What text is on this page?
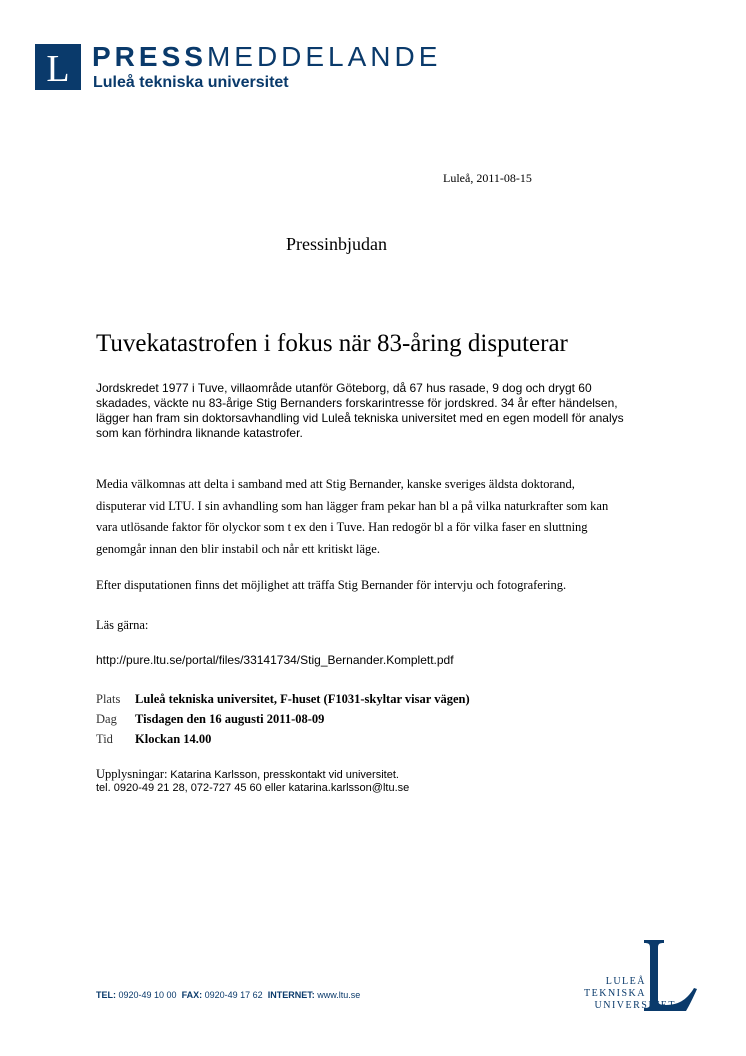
L PRESSMEDDELANDE
Luleå tekniska universitet
Luleå, 2011-08-15
Pressinbjudan
Tuvekatastrofen i fokus när 83-åring disputerar
Jordskredet 1977 i Tuve, villaområde utanför Göteborg, då 67 hus rasade, 9 dog och drygt 60
skadades, väckte nu 83-årige Stig Bernanders forskarintresse för jordskred. 34 år efter händelsen,
lägger han fram sin doktorsavhandling vid Luleå tekniska universitet med en egen modell för analys
som kan förhindra liknande katastrofer.
Media välkomnas att delta i samband med att Stig Bernander, kanske sveriges äldsta doktorand,
disputerar vid LTU. I sin avhandling som han lägger fram pekar han bl a på vilka naturkrafter som kan
vara utlösande faktor för olyckor som t ex den i Tuve. Han redogör bl a för vilka faser en sluttning
genomgår innan den blir instabil och når ett kritiskt läge.
Efter disputationen finns det möjlighet att träffa Stig Bernander för intervju och fotografering.
Läs gärna:
http://pure.ltu.se/portal/files/33141734/Stig_Bernander.Komplett.pdf
Plats	Luleå tekniska universitet, F-huset (F1031-skyltar visar vägen)
Dag	Tisdagen den 16 augusti 2011-08-09
Tid	Klockan 14.00
Upplysningar: Katarina Karlsson, presskontakt vid universitet.
tel. 0920-49 21 28, 072-727 45 60 eller katarina.karlsson@ltu.se
TEL: 0920-49 10 00 FAX: 0920-49 17 62 INTERNET: www.ltu.se
LULEÅ
TEKNISKA
UNIVERSITET
